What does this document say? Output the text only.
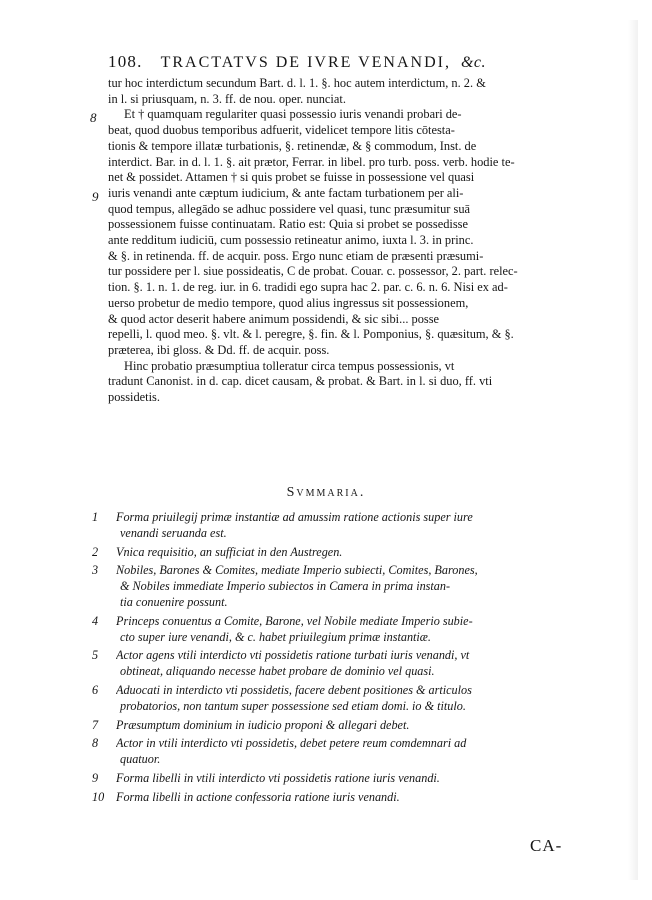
108. TRACTATVS DE IVRE VENANDI, &c.
8
9
tur hoc interdictum secundum Bart. d. l. 1. §. hoc autem interdictum, n. 2. &
in l. si priusquam, n. 3. ff. de nou. oper. nunciat.
Et † quamquam regulariter quasi possessio iuris venandi probari de-
beat, quod duobus temporibus adfuerit, videlicet tempore litis cōtesta-
tionis & tempore illatæ turbationis, §. retinendæ, & § commodum, Inst. de
interdict. Bar. in d. l. 1. §. ait prætor, Ferrar. in libel. pro turb. poss. verb. hodie te-
net & possidet. Attamen † si quis probet se fuisse in possessione vel quasi
iuris venandi ante cæptum iudicium, & ante factam turbationem per ali-
quod tempus, allegādo se adhuc possidere vel quasi, tunc præsumitur suā
possessionem fuisse continuatam. Ratio est: Quia si probet se possedisse
ante redditum iudiciū, cum possessio retineatur animo, iuxta l. 3. in princ.
& §. in retinenda. ff. de acquir. poss. Ergo nunc etiam de præsenti præsumi-
tur possidere per l. siue possideatis, C de probat. Couar. c. possessor, 2. part. relec-
tion. §. 1. n. 1. de reg. iur. in 6. tradidi ego supra hac 2. par. c. 6. n. 6. Nisi ex ad-
uerso probetur de medio tempore, quod alius ingressus sit possessionem,
& quod actor deserit habere animum possidendi, & sic sibi... posse
repelli, l. quod meo. §. vlt. & l. peregre, §. fin. & l. Pomponius, §. quæsitum, & §.
præterea, ibi gloss. & Dd. ff. de acquir. poss.
Hinc probatio præsumptiua tolleratur circa tempus possessionis, vt
tradunt Canonist. in d. cap. dicet causam, & probat. & Bart. in l. si duo, ff. vti
possidetis.
Svmmaria.
1	Forma priuilegij primæ instantiæ ad amussim ratione actionis super iure
venandi seruanda est.
2	Vnica requisitio, an sufficiat in den Austregen.
3	Nobiles, Barones & Comites, mediate Imperio subiecti, Comites, Barones,
& Nobiles immediate Imperio subiectos in Camera in prima instan-
tia conuenire possunt.
4	Princeps conuentus a Comite, Barone, vel Nobile mediate Imperio subie-
cto super iure venandi, & c. habet priuilegium primæ instantiæ.
5	Actor agens vtili interdicto vti possidetis ratione turbati iuris venandi, vt
obtineat, aliquando necesse habet probare de dominio vel quasi.
6	Aduocati in interdicto vti possidetis, facere debent positiones & articulos
probatorios, non tantum super possessione sed etiam domi. io & titulo.
7	Præsumptum dominium in iudicio proponi & allegari debet.
8	Actor in vtili interdicto vti possidetis, debet petere reum comdemnari ad
quatuor.
9	Forma libelli in vtili interdicto vti possidetis ratione iuris venandi.
10 Forma libelli in actione confessoria ratione iuris venandi.
CA-
